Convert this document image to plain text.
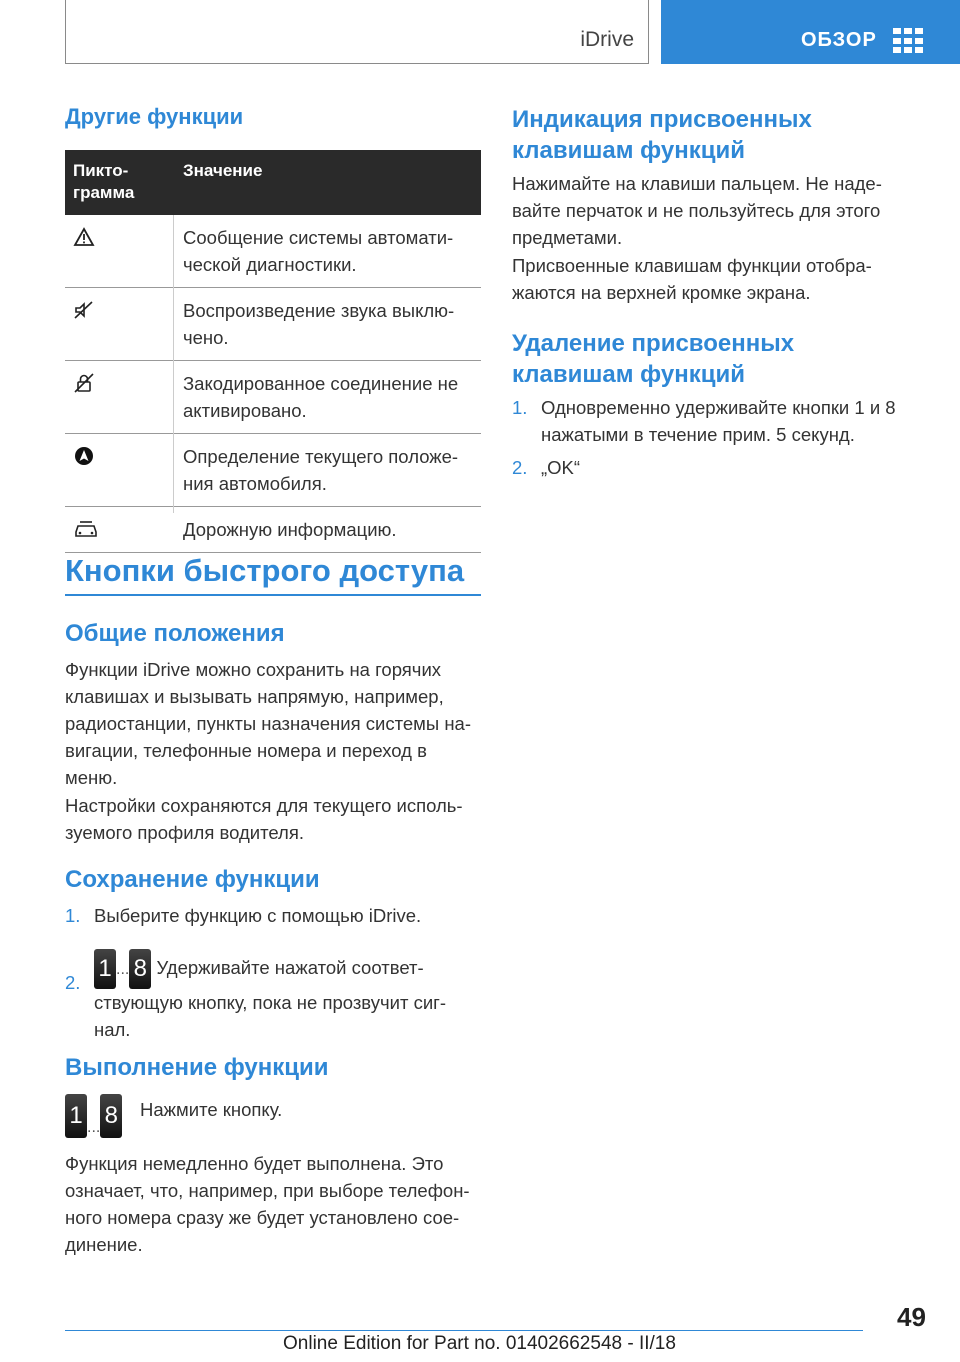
iDrive	ОБЗОР
Другие функции
Пикто-
грамма
Значение
Сообщение системы автомати-ческой диагностики.
Воспроизведение звука выклю-чено.
Закодированное соединение не активировано.
Определение текущего положе-ния автомобиля.
Дорожную информацию.
Кнопки быстрого доступа
Общие положения

Функции iDrive можно сохранить на горячих клавишах и вызывать напрямую, например, радиостанции, пункты назначения системы на-вигации, телефонные номера и переход в меню.

Настройки сохраняются для текущего исполь-зуемого профиля водителя.

Сохранение функции
1. Выберите функцию с помощью iDrive.
2.
1 ... 8 Удерживайте нажатой соответ-ствующую кнопку, пока не прозвучит сиг-нал.
Выполнение функции
1 ... 8 Нажмите кнопку.

Функция немедленно будет выполнена. Это означает, что, например, при выборе телефон-ного номера сразу же будет установлено сое-динение.

Индикация присвоенных клавишам функций

Нажимайте на клавиши пальцем. Не наде-вайте перчаток и не пользуйтесь для этого предметами.

Присвоенные клавишам функции отобра-жаются на верхней кромке экрана.

Удаление присвоенных клавишам функций
1. Одновременно удерживайте кнопки 1 и 8 нажатыми в течение прим. 5 секунд.
2. „OK“
49
Online Edition for Part no. 01402662548 - II/18
